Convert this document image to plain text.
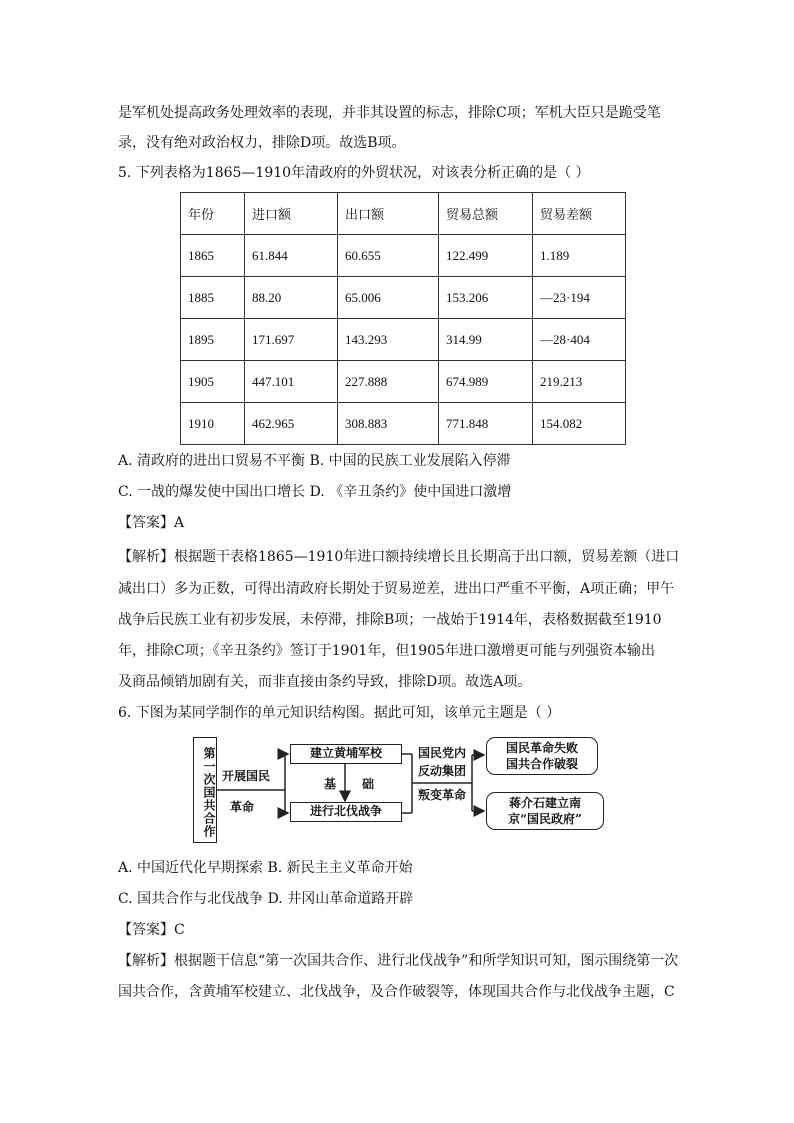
是军机处提高政务处理效率的表现，并非其设置的标志，排除C项；军机大臣只是跪受笔
录，没有绝对政治权力，排除D项。故选B项。
5. 下列表格为1865—1910年清政府的外贸状况，对该表分析正确的是（ ）
年份	进口额	出口额	贸易总额	贸易差额
1865	61.844	60.655	122.499	1.189
1885	88.20	65.006	153.206	—23·194
1895	171.697	143.293	314.99	—28·404
1905	447.101	227.888	674.989	219.213
1910	462.965	308.883	771.848	154.082
A. 清政府的进出口贸易不平衡 B. 中国的民族工业发展陷入停滞
C. 一战的爆发使中国出口增长 D. 《辛丑条约》使中国进口激增
【答案】A
【解析】根据题干表格1865—1910年进口额持续增长且长期高于出口额，贸易差额（进口
减出口）多为正数，可得出清政府长期处于贸易逆差，进出口严重不平衡，A项正确；甲午
战争后民族工业有初步发展，未停滞，排除B项；一战始于1914年，表格数据截至1910
年，排除C项；《辛丑条约》签订于1901年，但1905年进口激增更可能与列强资本输出
及商品倾销加剧有关，而非直接由条约导致，排除D项。故选A项。
6. 下图为某同学制作的单元知识结构图。据此可知，该单元主题是（ ）
第一次国共合作 开展国民
革命
建立黄埔军校
进行北伐战争
基 础
国民党内
反动集团
叛变革命
国民革命失败
国共合作破裂
蒋介石建立南
京“国民政府”
A. 中国近代化早期探索 B. 新民主主义革命开始
C. 国共合作与北伐战争 D. 井冈山革命道路开辟
【答案】C
【解析】根据题干信息“第一次国共合作、进行北伐战争”和所学知识可知，图示围绕第一次
国共合作，含黄埔军校建立、北伐战争，及合作破裂等，体现国共合作与北伐战争主题，C
